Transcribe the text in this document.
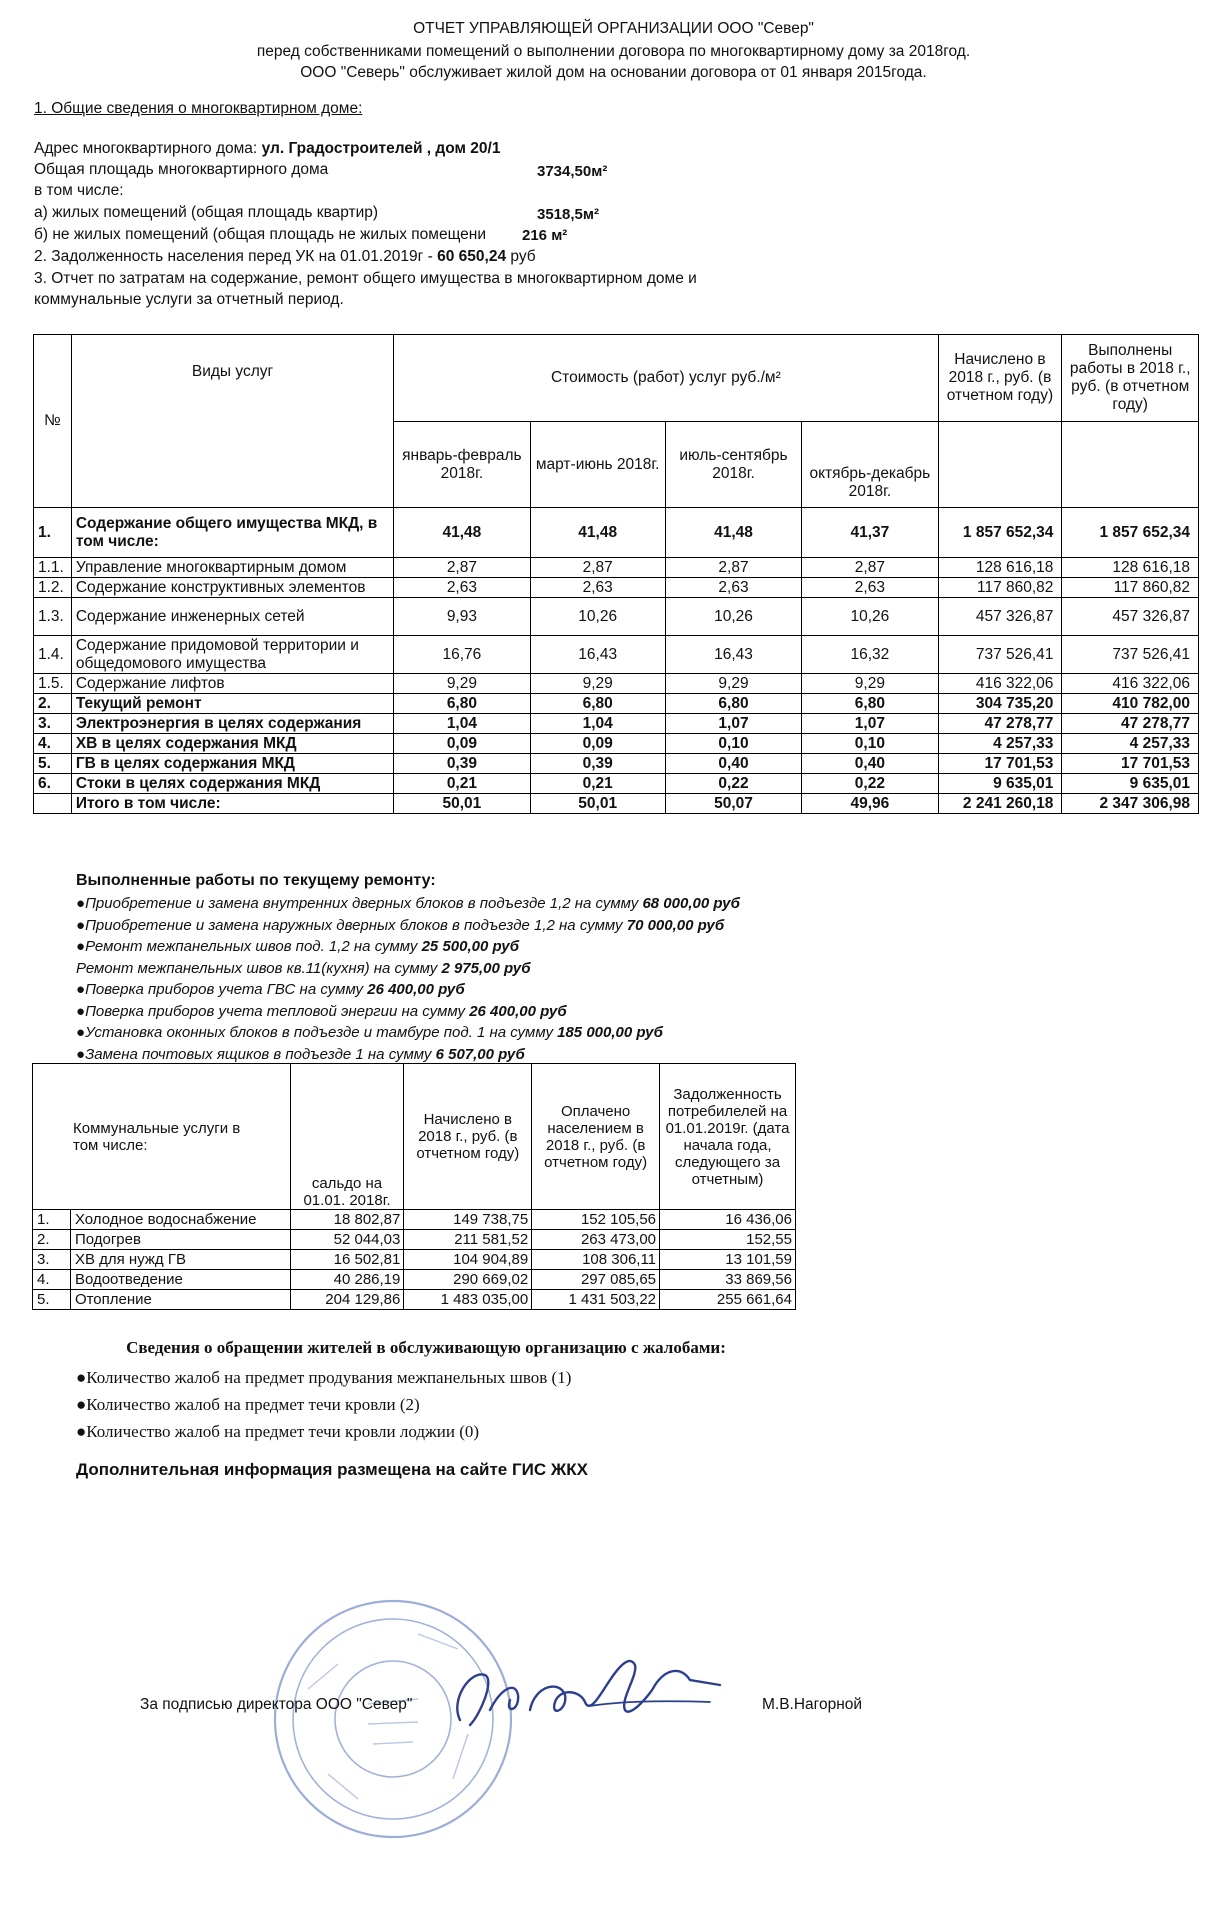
ОТЧЕТ УПРАВЛЯЮЩЕЙ ОРГАНИЗАЦИИ ООО "Север"
перед собственниками помещений о выполнении договора по многоквартирному дому за 2018год.
ООО "Северь" обслуживает жилой дом на основании договора от 01 января 2015года.
1. Общие сведения о многоквартирном доме:
Адрес многоквартирного дома: ул. Градостроителей , дом 20/1
Общая площадь многоквартирного дома	3734,50м²
в том числе:
а) жилых помещений (общая площадь квартир)	3518,5м²
б) не жилых помещений (общая площадь не жилых помещени	216 м²
2. Задолженность населения перед УК на 01.01.2019г - 60 650,24 руб
3. Отчет по затратам на содержание, ремонт общего имущества в многоквартирном доме и
коммунальные услуги за отчетный период.
№	Виды услуг	Стоимость (работ) услуг руб./м²				Начислено в 2018 г., руб. (в отчетном году)	Выполнены работы в 2018 г., руб. (в отчетном году)
		январь-февраль 2018г.	март-июнь 2018г.	июль-сентябрь 2018г.	октябрь-декабрь 2018г.		
1.	Содержание общего имущества МКД, в том числе:	41,48	41,48	41,48	41,37	1 857 652,34	1 857 652,34
1.1.	Управление многоквартирным домом	2,87	2,87	2,87	2,87	128 616,18	128 616,18
1.2.	Содержание конструктивных элементов	2,63	2,63	2,63	2,63	117 860,82	117 860,82
1.3.	Содержание инженерных сетей	9,93	10,26	10,26	10,26	457 326,87	457 326,87
1.4.	Содержание придомовой территории и общедомового имущества	16,76	16,43	16,43	16,32	737 526,41	737 526,41
1.5.	Содержание лифтов	9,29	9,29	9,29	9,29	416 322,06	416 322,06
2.	Текущий ремонт	6,80	6,80	6,80	6,80	304 735,20	410 782,00
3.	Электроэнергия в целях содержания	1,04	1,04	1,07	1,07	47 278,77	47 278,77
4.	ХВ в целях содержания МКД	0,09	0,09	0,10	0,10	4 257,33	4 257,33
5.	ГВ в целях содержания МКД	0,39	0,39	0,40	0,40	17 701,53	17 701,53
6.	Стоки в целях содержания МКД	0,21	0,21	0,22	0,22	9 635,01	9 635,01
	Итого в том числе:	50,01	50,01	50,07	49,96	2 241 260,18	2 347 306,98
Выполненные работы по текущему ремонту:
●Приобретение и замена внутренних дверных блоков в подъезде 1,2 на сумму 68 000,00 руб
●Приобретение и замена наружных дверных блоков в подъезде 1,2 на сумму 70 000,00 руб
●Ремонт межпанельных швов под. 1,2 на сумму 25 500,00 руб
Ремонт межпанельных швов кв.11(кухня) на сумму 2 975,00 руб
●Поверка приборов учета ГВС на сумму 26 400,00 руб
●Поверка приборов учета тепловой энергии на сумму 26 400,00 руб
●Установка оконных блоков в подъезде и тамбуре под. 1 на сумму 185 000,00 руб
●Замена почтовых ящиков в подъезде 1 на сумму 6 507,00 руб
Коммунальные услуги в том числе:		сальдо на 01.01. 2018г.	Начислено в 2018 г., руб. (в отчетном году)	Оплачено населением в 2018 г., руб. (в отчетном году)	Задолженность потребилелей на 01.01.2019г. (дата начала года, следующего за отчетным)
1.	Холодное водоснабжение	18 802,87	149 738,75	152 105,56	16 436,06
2.	Подогрев	52 044,03	211 581,52	263 473,00	152,55
3.	ХВ для нужд ГВ	16 502,81	104 904,89	108 306,11	13 101,59
4.	Водоотведение	40 286,19	290 669,02	297 085,65	33 869,56
5.	Отопление	204 129,86	1 483 035,00	1 431 503,22	255 661,64
Сведения о обращении жителей в обслуживающую организацию с жалобами:
●Количество жалоб на предмет продувания межпанельных швов (1)
●Количество жалоб на предмет течи кровли (2)
●Количество жалоб на предмет течи кровли лоджии (0)
Дополнительная информация размещена на сайте ГИС ЖКХ
За подписью директора ООО "Север"	М.В.Нагорной
